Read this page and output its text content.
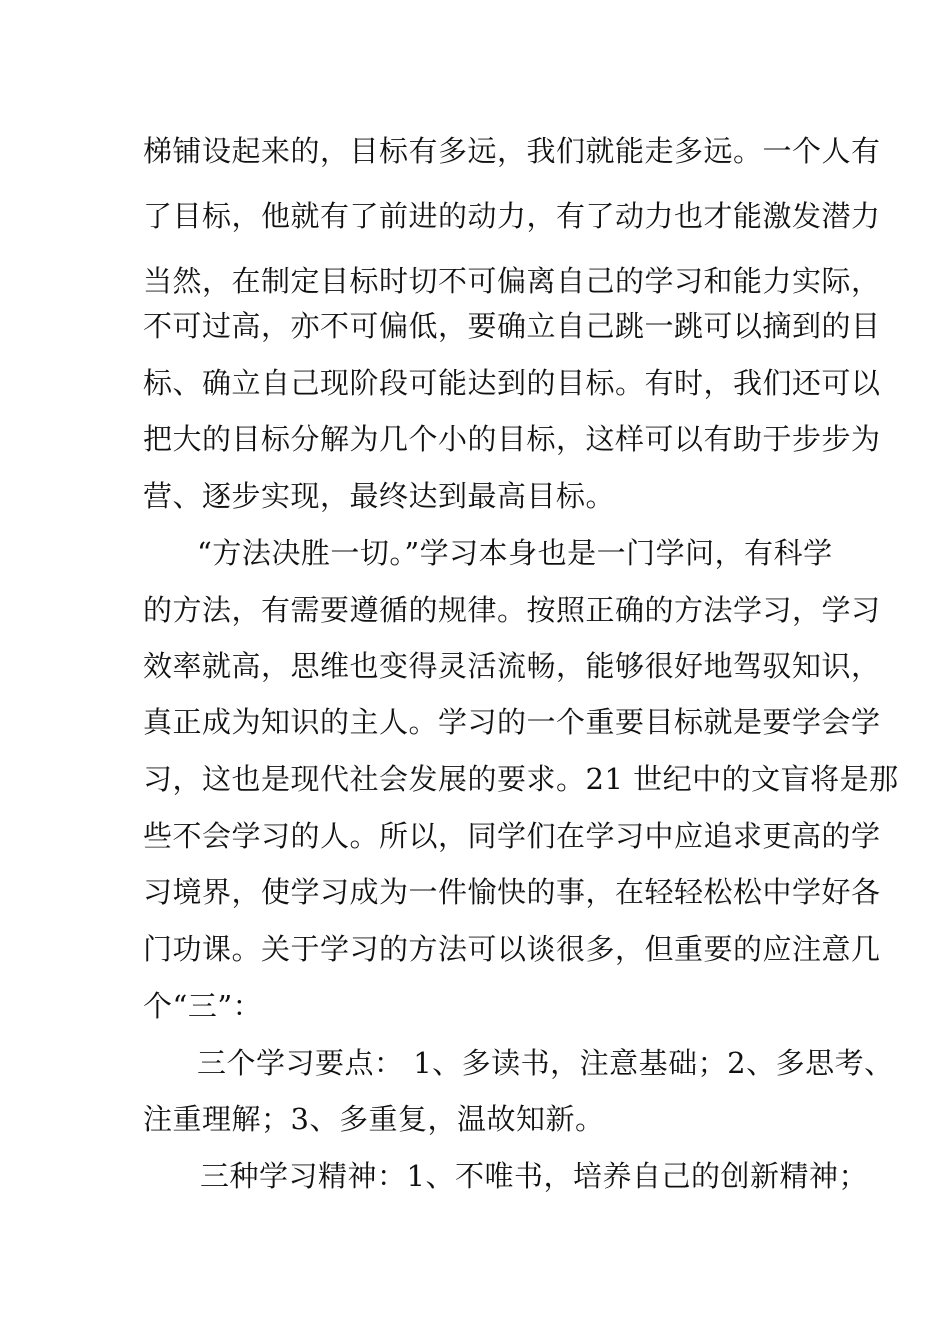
梯铺设起来的，目标有多远，我们就能走多远。一个人有
了目标，他就有了前进的动力，有了动力也才能激发潜力
当然，在制定目标时切不可偏离自己的学习和能力实际，
不可过高，亦不可偏低，要确立自己跳一跳可以摘到的目
标、确立自己现阶段可能达到的目标。有时，我们还可以
把大的目标分解为几个小的目标，这样可以有助于步步为
营、逐步实现，最终达到最高目标。
“方法决胜一切。”学习本身也是一门学问，有科学
的方法，有需要遵循的规律。按照正确的方法学习，学习
效率就高，思维也变得灵活流畅，能够很好地驾驭知识，
真正成为知识的主人。学习的一个重要目标就是要学会学
习，这也是现代社会发展的要求。21 世纪中的文盲将是那
些不会学习的人。所以，同学们在学习中应追求更高的学
习境界，使学习成为一件愉快的事，在轻轻松松中学好各
门功课。关于学习的方法可以谈很多，但重要的应注意几
个“三”：
三个学习要点： 1、多读书，注意基础；2、多思考、
注重理解；3、多重复，温故知新。
三种学习精神：1、不唯书，培养自己的创新精神；
